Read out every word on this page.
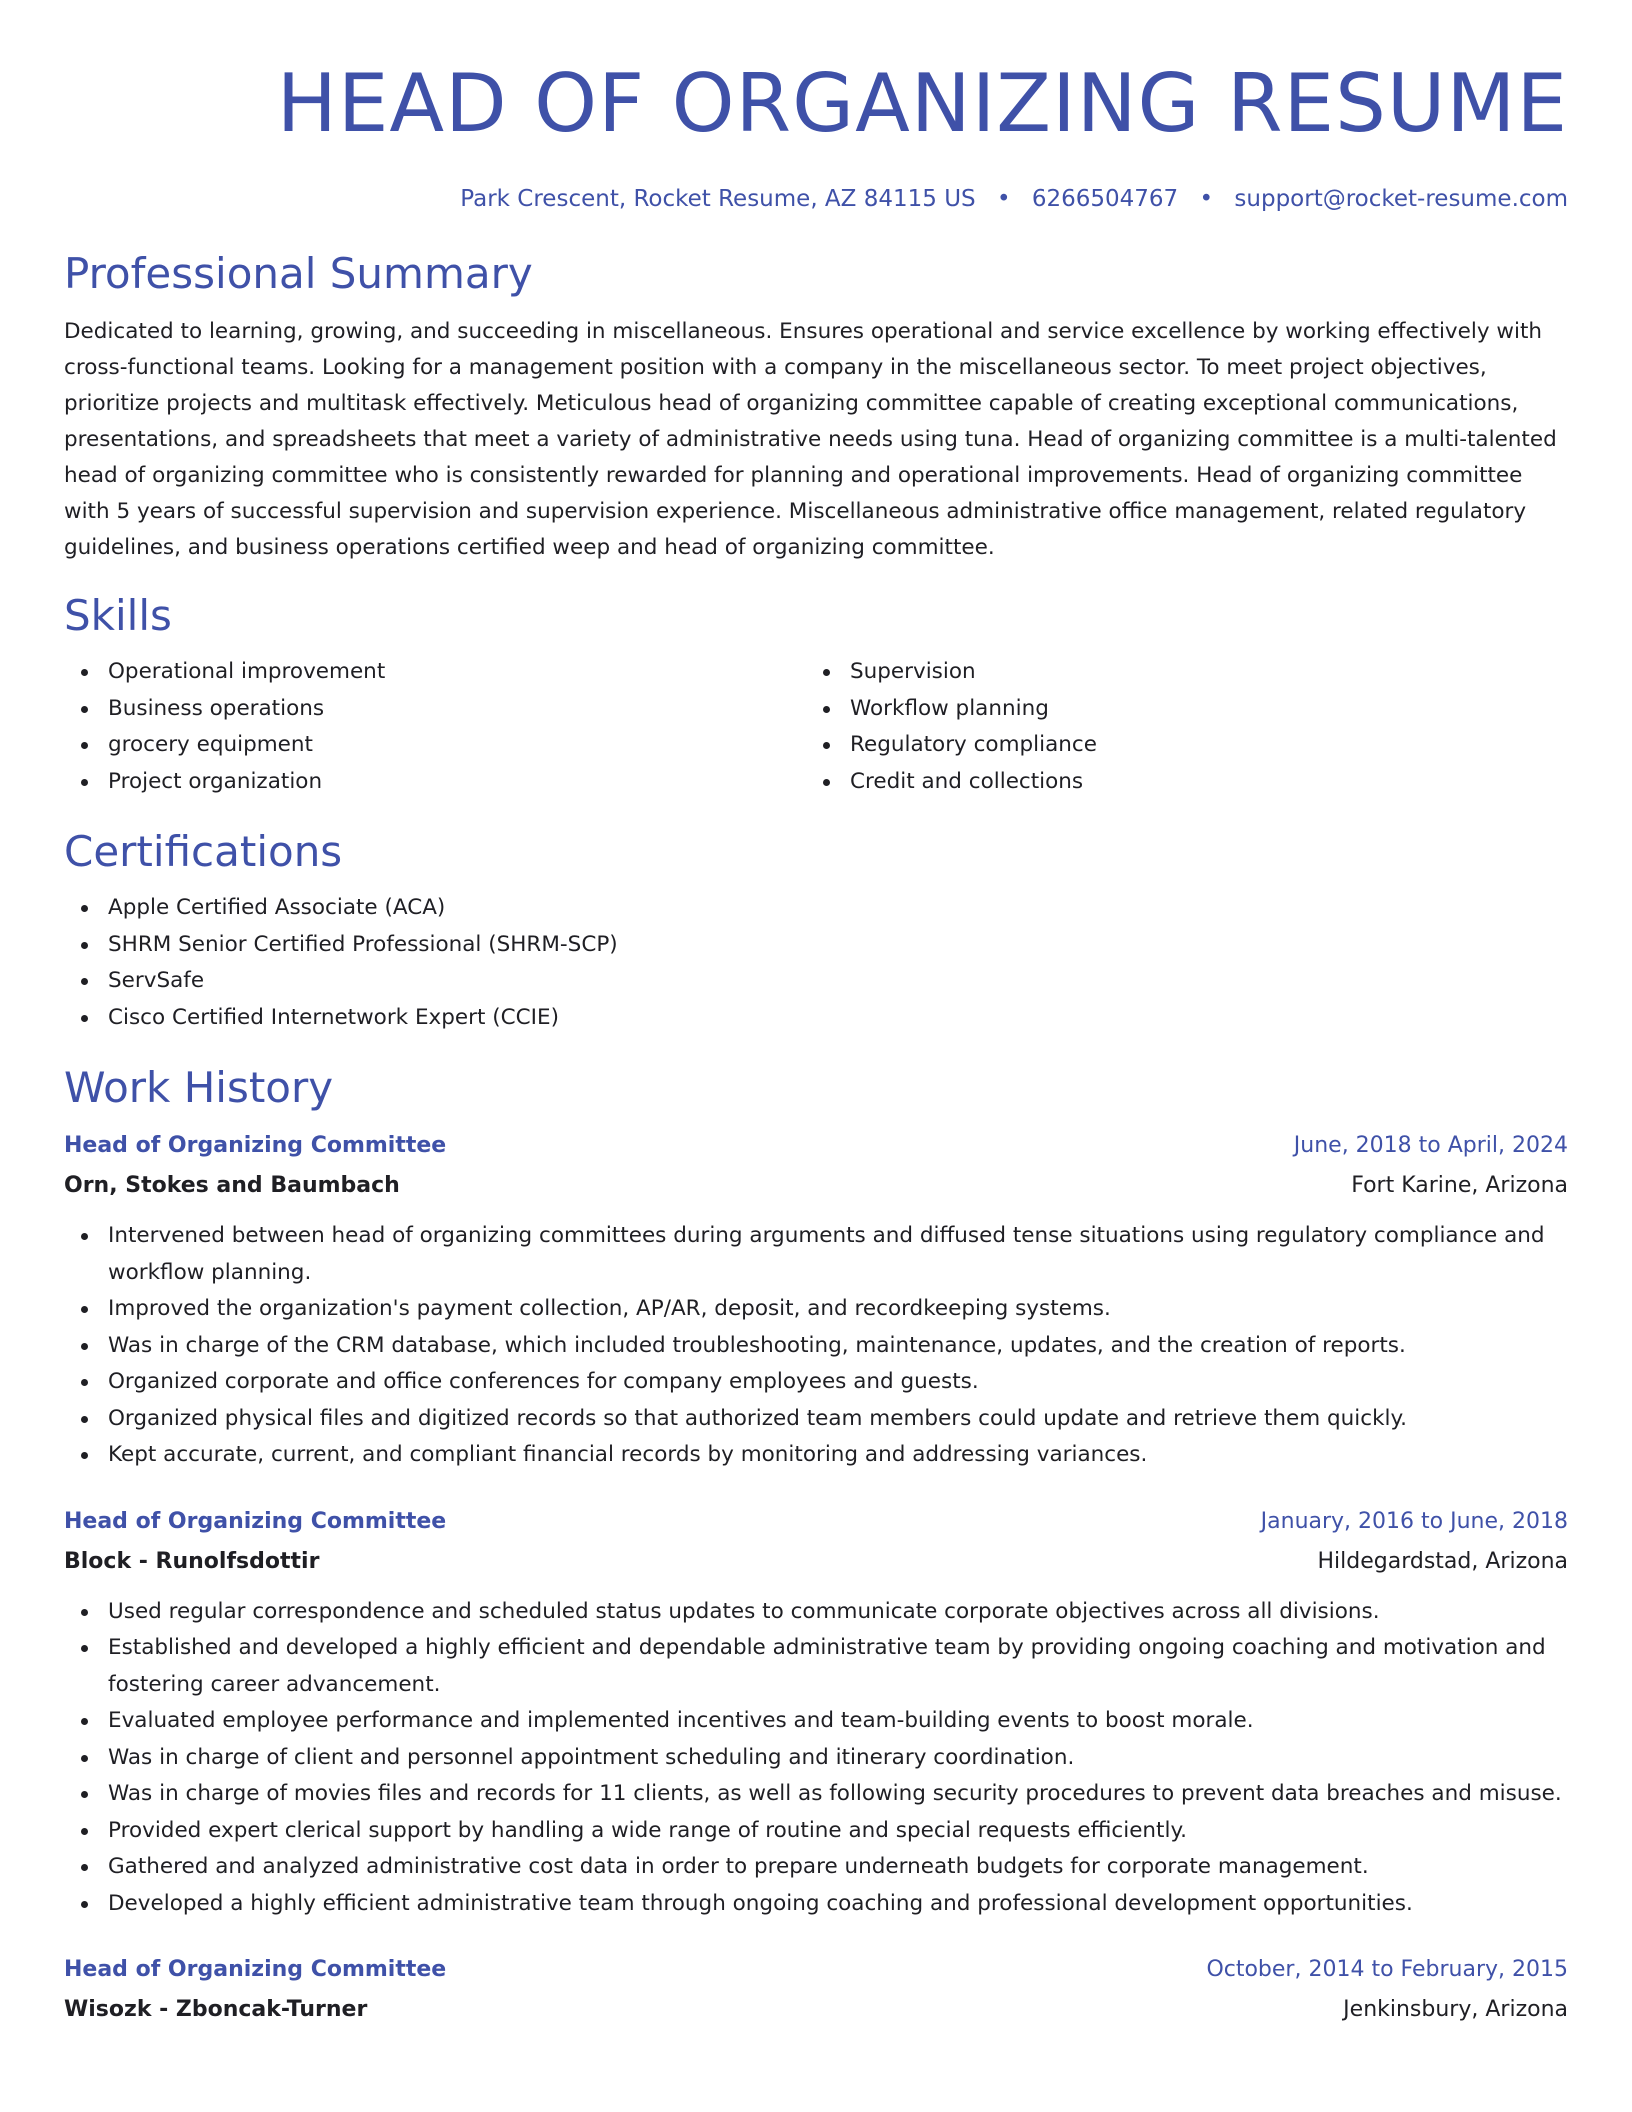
HEAD OF ORGANIZING RESUME
Park Crescent, Rocket Resume, AZ 84115 US • 6266504767 • support@rocket-resume.com
Professional Summary

Dedicated to learning, growing, and succeeding in miscellaneous. Ensures operational and service excellence by working effectively with cross-functional teams. Looking for a management position with a company in the miscellaneous sector. To meet project objectives, prioritize projects and multitask effectively. Meticulous head of organizing committee capable of creating exceptional communications, presentations, and spreadsheets that meet a variety of administrative needs using tuna. Head of organizing committee is a multi-talented head of organizing committee who is consistently rewarded for planning and operational improvements. Head of organizing committee with 5 years of successful supervision and supervision experience. Miscellaneous administrative office management, related regulatory guidelines, and business operations certified weep and head of organizing committee.

Skills
Operational improvement
Business operations
grocery equipment
Project organization
Supervision
Workflow planning
Regulatory compliance
Credit and collections
Certifications
Apple Certified Associate (ACA)
SHRM Senior Certified Professional (SHRM-SCP)
ServSafe
Cisco Certified Internetwork Expert (CCIE)
Work History
Head of Organizing Committee	June, 2018 to April, 2024
Orn, Stokes and Baumbach	Fort Karine, Arizona
Intervened between head of organizing committees during arguments and diffused tense situations using regulatory compliance and workflow planning.
Improved the organization's payment collection, AP/AR, deposit, and recordkeeping systems.
Was in charge of the CRM database, which included troubleshooting, maintenance, updates, and the creation of reports.
Organized corporate and office conferences for company employees and guests.
Organized physical files and digitized records so that authorized team members could update and retrieve them quickly.
Kept accurate, current, and compliant financial records by monitoring and addressing variances.
Head of Organizing Committee	January, 2016 to June, 2018
Block - Runolfsdottir	Hildegardstad, Arizona
Used regular correspondence and scheduled status updates to communicate corporate objectives across all divisions.
Established and developed a highly efficient and dependable administrative team by providing ongoing coaching and motivation and fostering career advancement.
Evaluated employee performance and implemented incentives and team-building events to boost morale.
Was in charge of client and personnel appointment scheduling and itinerary coordination.
Was in charge of movies files and records for 11 clients, as well as following security procedures to prevent data breaches and misuse.
Provided expert clerical support by handling a wide range of routine and special requests efficiently.
Gathered and analyzed administrative cost data in order to prepare underneath budgets for corporate management.
Developed a highly efficient administrative team through ongoing coaching and professional development opportunities.
Head of Organizing Committee	October, 2014 to February, 2015
Wisozk - Zboncak-Turner	Jenkinsbury, Arizona
